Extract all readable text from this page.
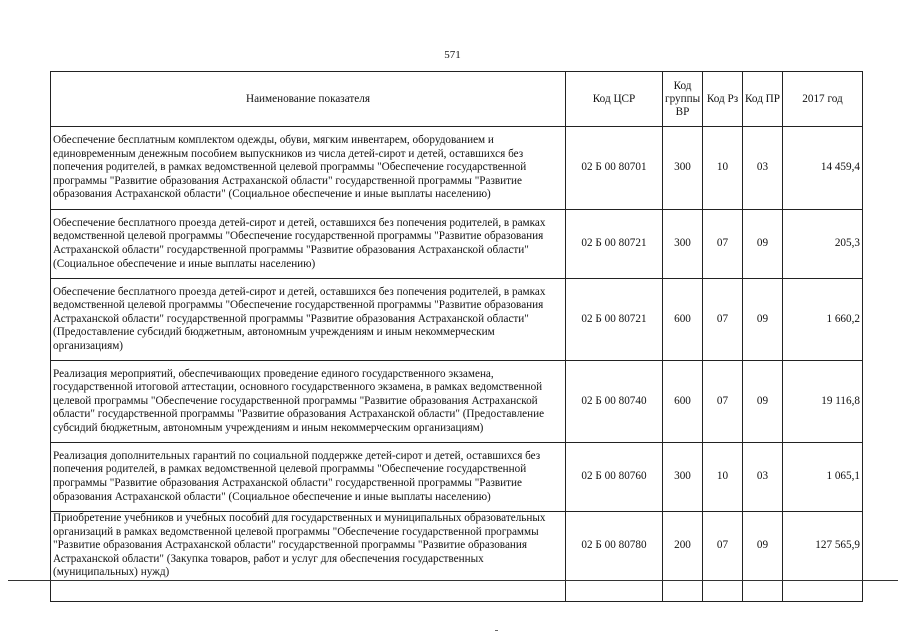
571
Наименование показателя	Код ЦСР	Код группы ВР	Код Рз	Код ПР	2017 год
Обеспечение бесплатным комплектом одежды, обуви, мягким инвентарем, оборудованием и единовременным денежным пособием выпускников из числа детей-сирот и детей, оставшихся без попечения родителей, в рамках ведомственной целевой программы "Обеспечение государственной программы "Развитие образования Астраханской области" государственной программы "Развитие образования Астраханской области" (Социальное обеспечение и иные выплаты населению)	02 Б 00 80701	300	10	03	14 459,4
Обеспечение бесплатного проезда детей-сирот и детей, оставшихся без попечения родителей, в рамках ведомственной целевой программы "Обеспечение государственной программы "Развитие образования Астраханской области" государственной программы "Развитие образования Астраханской области" (Социальное обеспечение и иные выплаты населению)	02 Б 00 80721	300	07	09	205,3
Обеспечение бесплатного проезда детей-сирот и детей, оставшихся без попечения родителей, в рамках ведомственной целевой программы "Обеспечение государственной программы "Развитие образования Астраханской области" государственной программы "Развитие образования Астраханской области" (Предоставление субсидий бюджетным, автономным учреждениям и иным некоммерческим организациям)	02 Б 00 80721	600	07	09	1 660,2
Реализация мероприятий, обеспечивающих проведение единого государственного экзамена, государственной итоговой аттестации, основного государственного экзамена, в рамках ведомственной целевой программы "Обеспечение государственной программы "Развитие образования Астраханской области" государственной программы "Развитие образования Астраханской области" (Предоставление субсидий бюджетным, автономным учреждениям и иным некоммерческим организациям)	02 Б 00 80740	600	07	09	19 116,8
Реализация дополнительных гарантий по социальной поддержке детей-сирот и детей, оставшихся без попечения родителей, в рамках ведомственной целевой программы "Обеспечение государственной программы "Развитие образования Астраханской области" государственной программы "Развитие образования Астраханской области" (Социальное обеспечение и иные выплаты населению)	02 Б 00 80760	300	10	03	1 065,1
Приобретение учебников и учебных пособий для государственных и муниципальных образовательных организаций в рамках ведомственной целевой программы "Обеспечение государственной программы "Развитие образования Астраханской области" государственной программы "Развитие образования Астраханской области" (Закупка товаров, работ и услуг для обеспечения государственных (муниципальных) нужд)	02 Б 00 80780	200	07	09	127 565,9
